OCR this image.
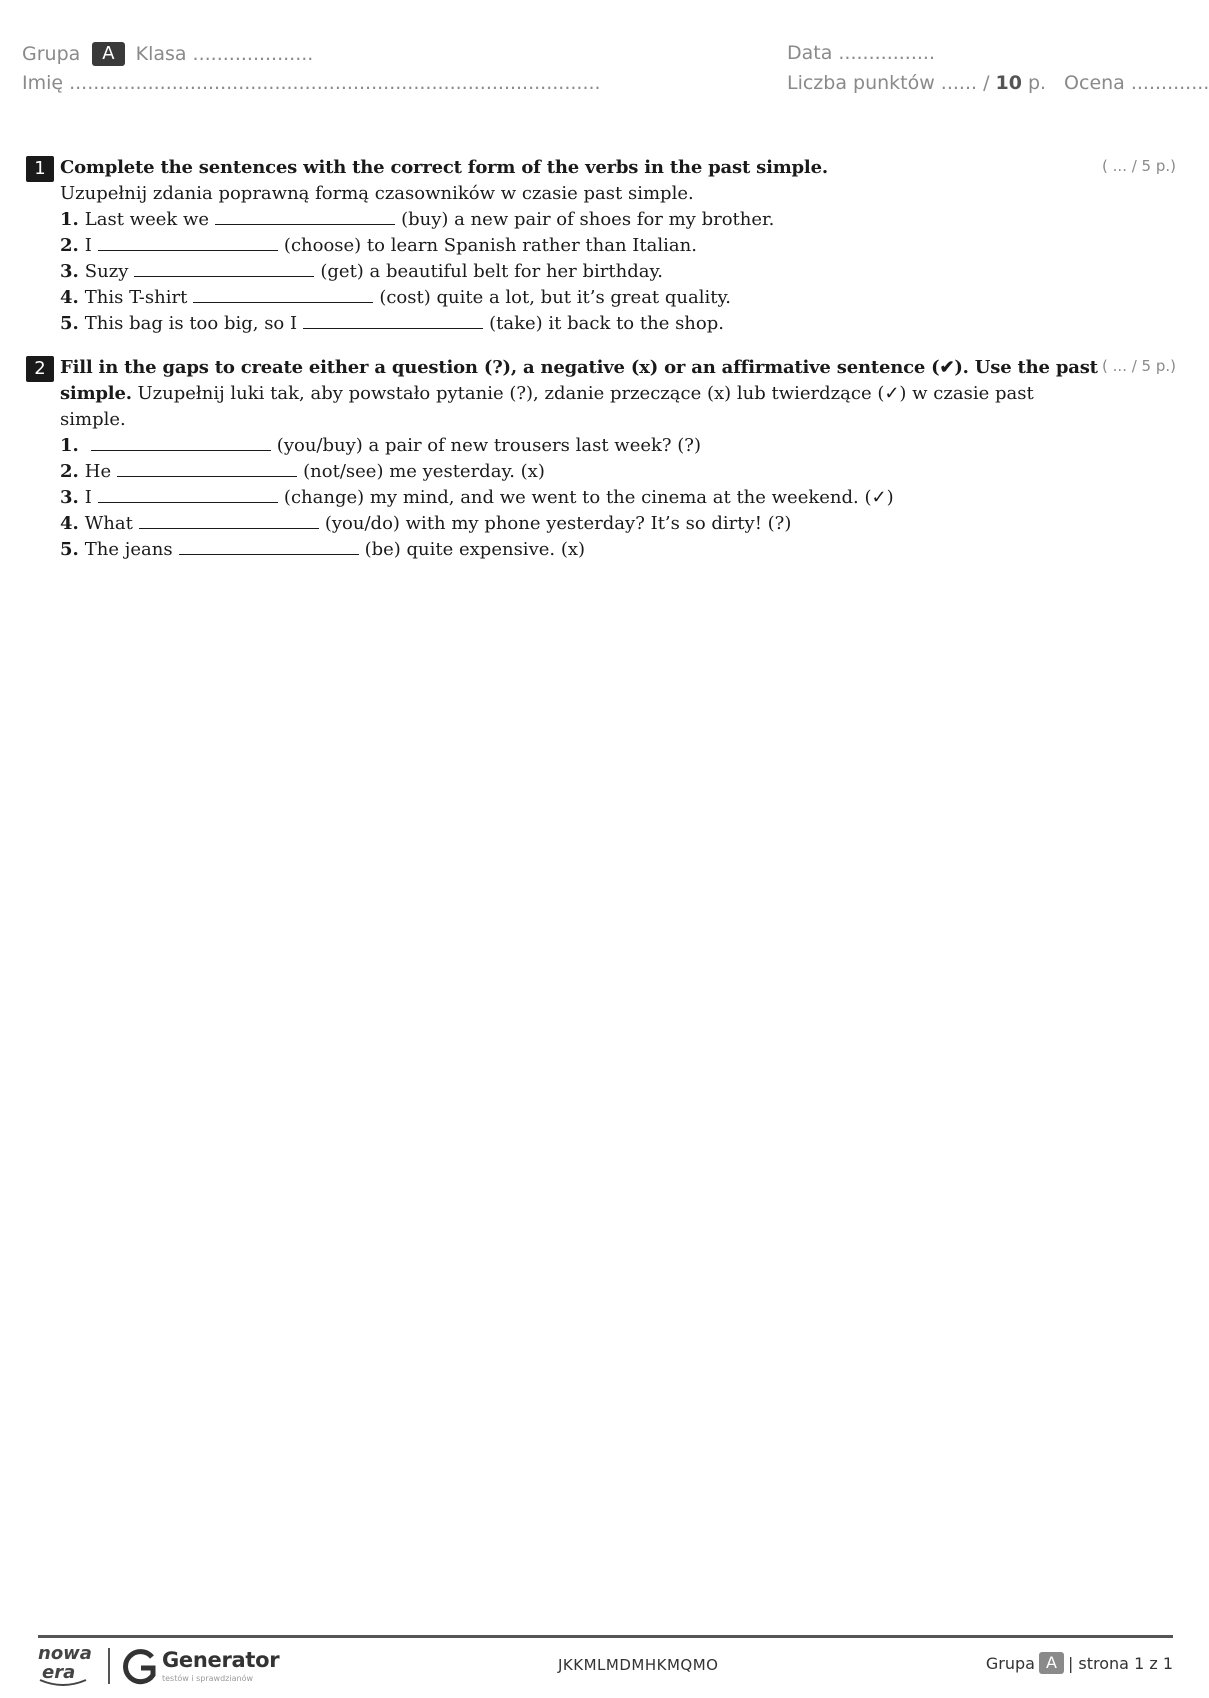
Grupa	A	Klasa ....................
Imię ........................................................................................
Data ................
Liczba punktów ...... / 10 p. Ocena .............
1	( ... / 5 p.)
Complete the sentences with the correct form of the verbs in the past simple.
Uzupełnij zdania poprawną formą czasowników w czasie past simple.
1. Last week we	(buy) a new pair of shoes for my brother.
2. I	(choose) to learn Spanish rather than Italian.
3. Suzy	(get) a beautiful belt for her birthday.
4. This T-shirt	(cost) quite a lot, but it’s great quality.
5. This bag is too big, so I	(take) it back to the shop.
2	( ... / 5 p.)
Fill in the gaps to create either a question (?), a negative (x) or an affirmative sentence (✔). Use the past simple. Uzupełnij luki tak, aby powstało pytanie (?), zdanie przeczące (x) lub twierdzące (✓) w czasie past simple.
1.	(you/buy) a pair of new trousers last week? (?)
2. He	(not/see) me yesterday. (x)
3. I	(change) my mind, and we went to the cinema at the weekend. (✓)
4. What	(you/do) with my phone yesterday? It’s so dirty! (?)
5. The jeans	(be) quite expensive. (x)
nowa
era
Generator
testów i sprawdzianów
JKKMLMDMHKMQMO	Grupa A | strona 1 z 1
